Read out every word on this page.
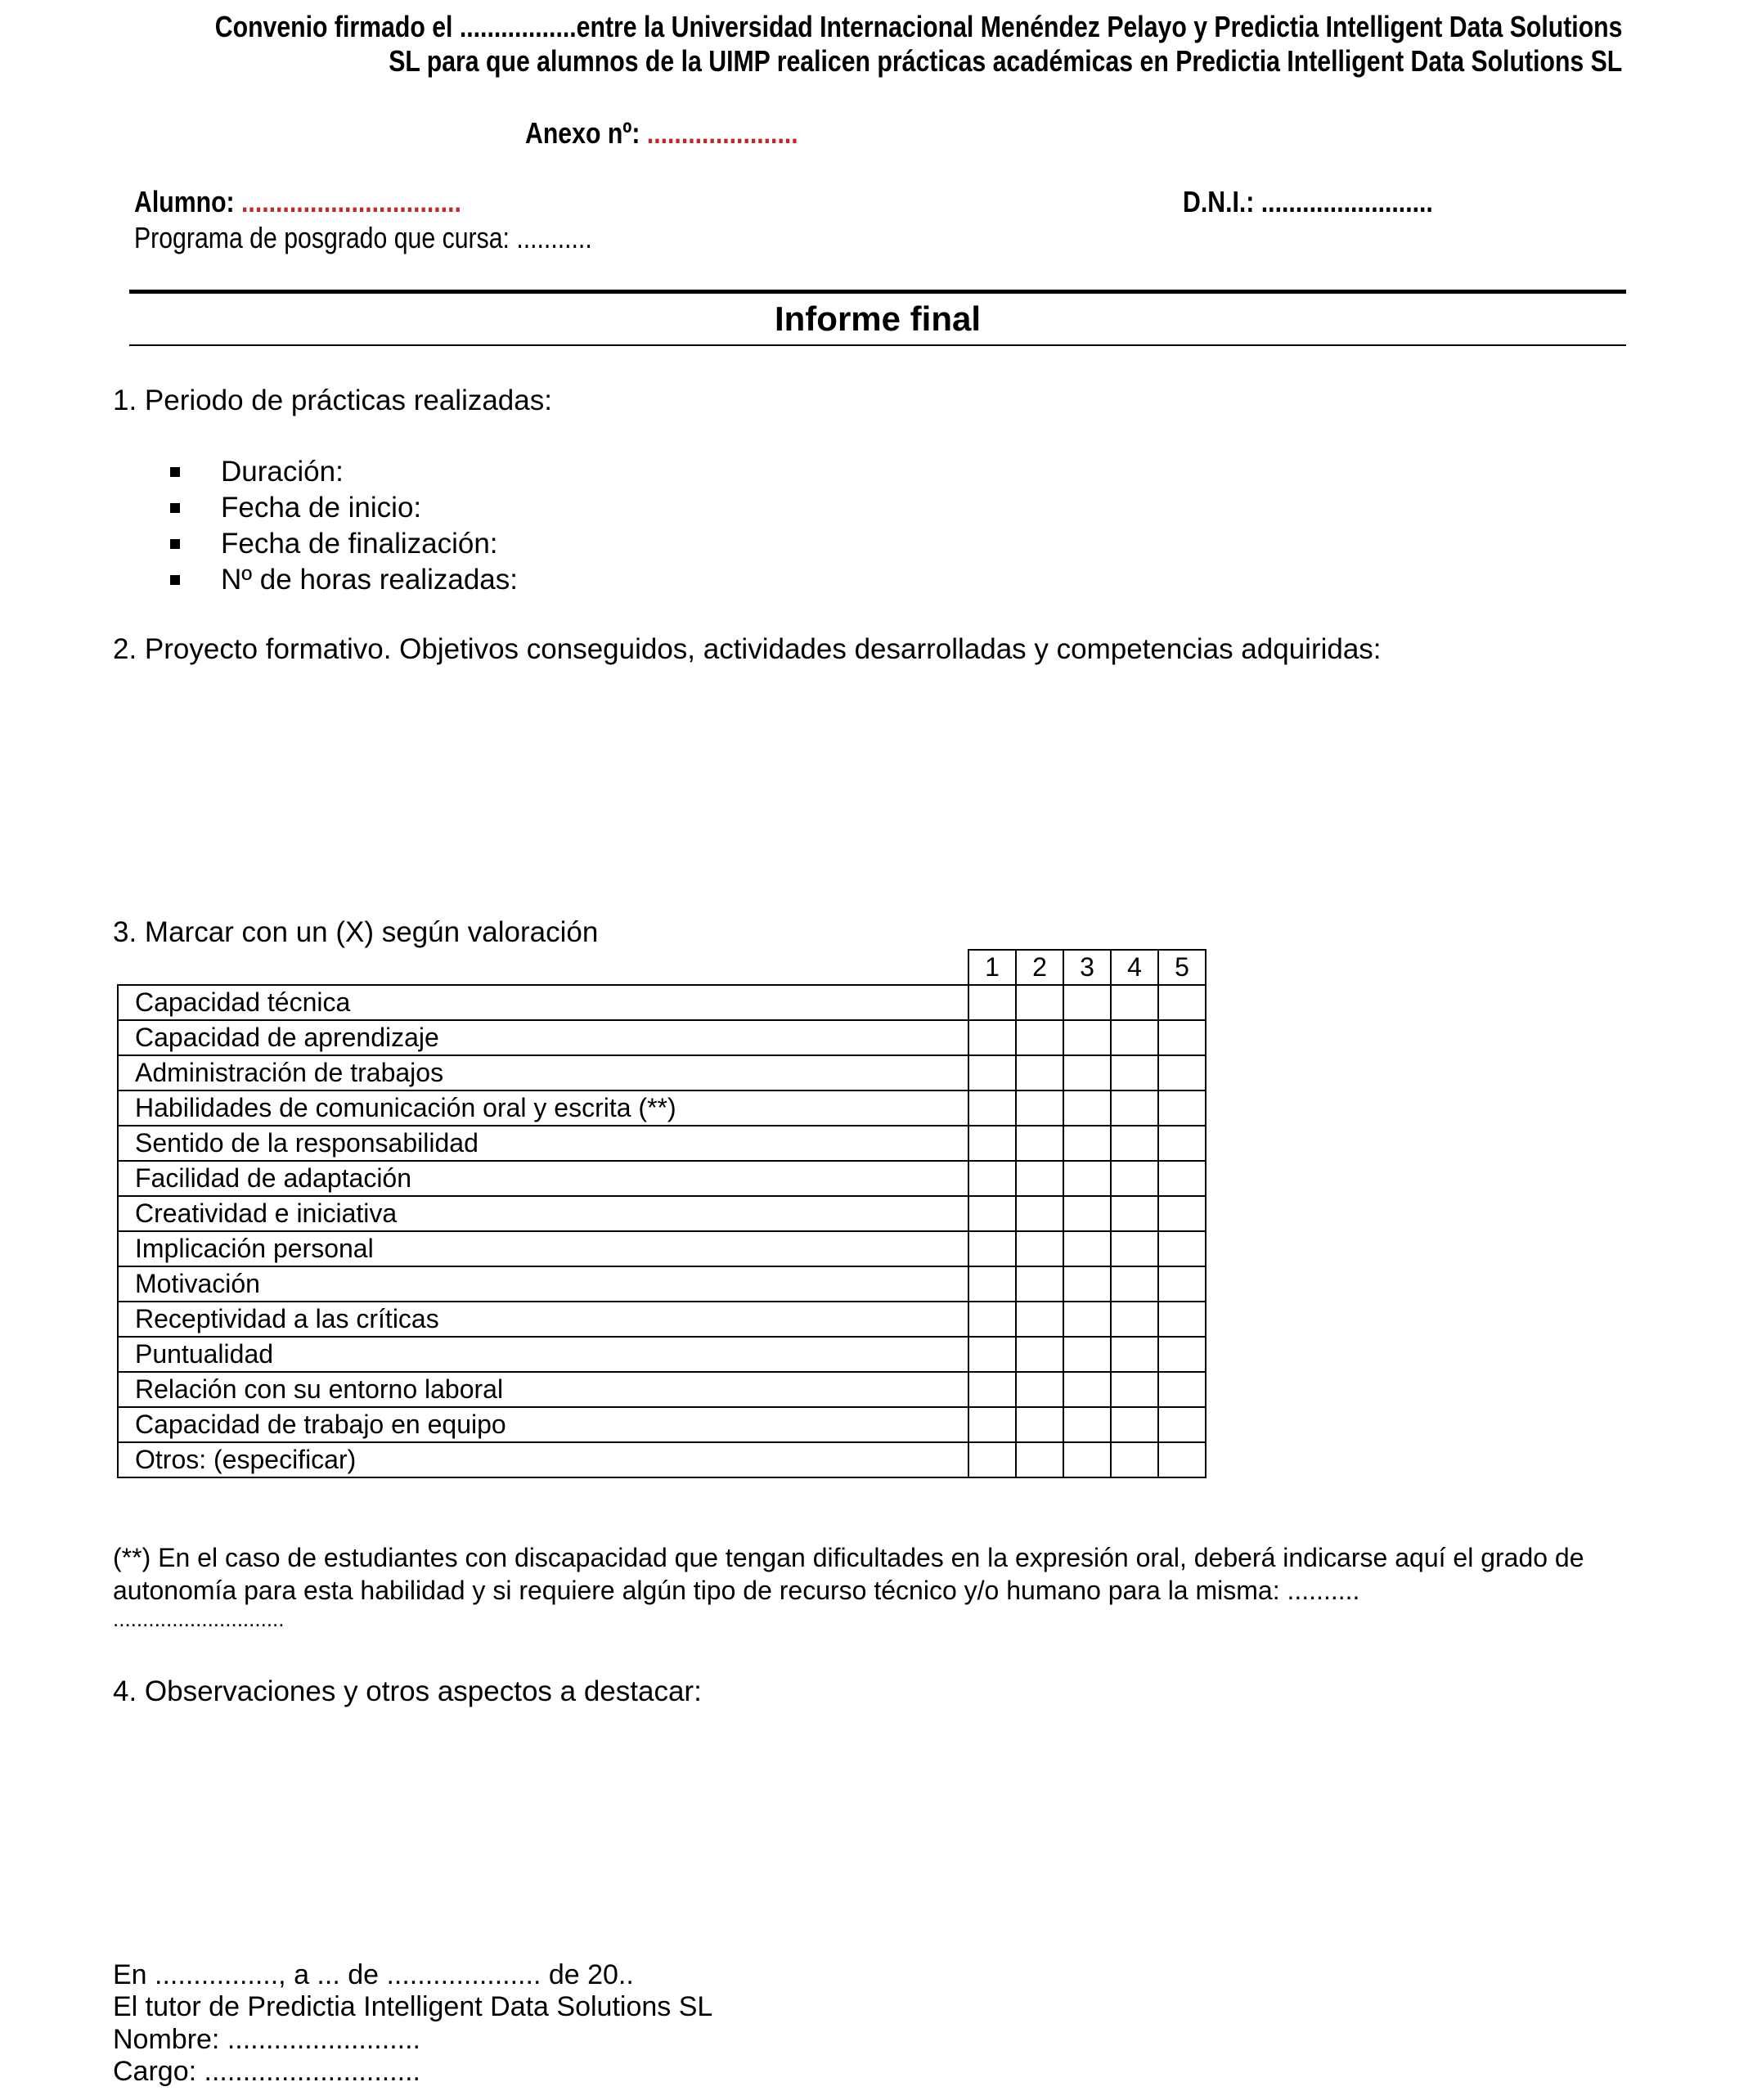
Convenio firmado el .................entre la Universidad Internacional Menéndez Pelayo y Predictia Intelligent Data Solutions
SL para que alumnos de la UIMP realicen prácticas académicas en Predictia Intelligent Data Solutions SL
Anexo nº: ......................
Alumno: ................................	D.N.I.: .........................
Programa de posgrado que cursa: ...........
Informe final
1. Periodo de prácticas realizadas:
Duración:
Fecha de inicio:
Fecha de finalización:
Nº de horas realizadas:
2. Proyecto formativo. Objetivos conseguidos, actividades desarrolladas y competencias adquiridas:
3. Marcar con un (X) según valoración
	1	2	3	4	5
Capacidad técnica					
Capacidad de aprendizaje					
Administración de trabajos					
Habilidades de comunicación oral y escrita (**)					
Sentido de la responsabilidad					
Facilidad de adaptación					
Creatividad e iniciativa					
Implicación personal					
Motivación					
Receptividad a las críticas					
Puntualidad					
Relación con su entorno laboral					
Capacidad de trabajo en equipo					
Otros: (especificar)					
(**) En el caso de estudiantes con discapacidad que tengan dificultades en la expresión oral, deberá indicarse aquí el grado de autonomía para esta habilidad y si requiere algún tipo de recurso técnico y/o humano para la misma: ..........
.............................
4. Observaciones y otros aspectos a destacar:
En ................, a ... de .................... de 20..
El tutor de Predictia Intelligent Data Solutions SL
Nombre: .........................
Cargo: ............................
